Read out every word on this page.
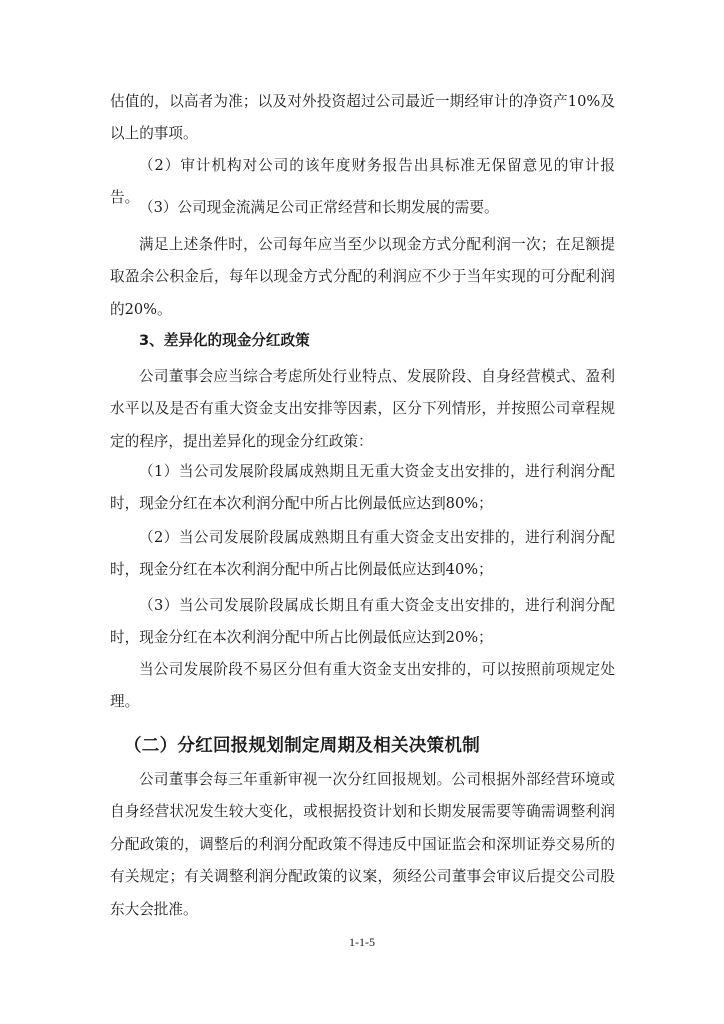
估值的，以高者为准；以及对外投资超过公司最近一期经审计的净资产10%及以上的事项。

（2）审计机构对公司的该年度财务报告出具标准无保留意见的审计报告。

（3）公司现金流满足公司正常经营和长期发展的需要。

满足上述条件时，公司每年应当至少以现金方式分配利润一次；在足额提取盈余公积金后，每年以现金方式分配的利润应不少于当年实现的可分配利润的20%。

3、差异化的现金分红政策

公司董事会应当综合考虑所处行业特点、发展阶段、自身经营模式、盈利水平以及是否有重大资金支出安排等因素，区分下列情形，并按照公司章程规定的程序，提出差异化的现金分红政策：

（1）当公司发展阶段属成熟期且无重大资金支出安排的，进行利润分配时，现金分红在本次利润分配中所占比例最低应达到80%；

（2）当公司发展阶段属成熟期且有重大资金支出安排的，进行利润分配时，现金分红在本次利润分配中所占比例最低应达到40%；

（3）当公司发展阶段属成长期且有重大资金支出安排的，进行利润分配时，现金分红在本次利润分配中所占比例最低应达到20%；

当公司发展阶段不易区分但有重大资金支出安排的，可以按照前项规定处理。

（二）分红回报规划制定周期及相关决策机制

公司董事会每三年重新审视一次分红回报规划。公司根据外部经营环境或自身经营状况发生较大变化，或根据投资计划和长期发展需要等确需调整利润分配政策的，调整后的利润分配政策不得违反中国证监会和深圳证券交易所的有关规定；有关调整利润分配政策的议案，须经公司董事会审议后提交公司股东大会批准。

1-1-5
